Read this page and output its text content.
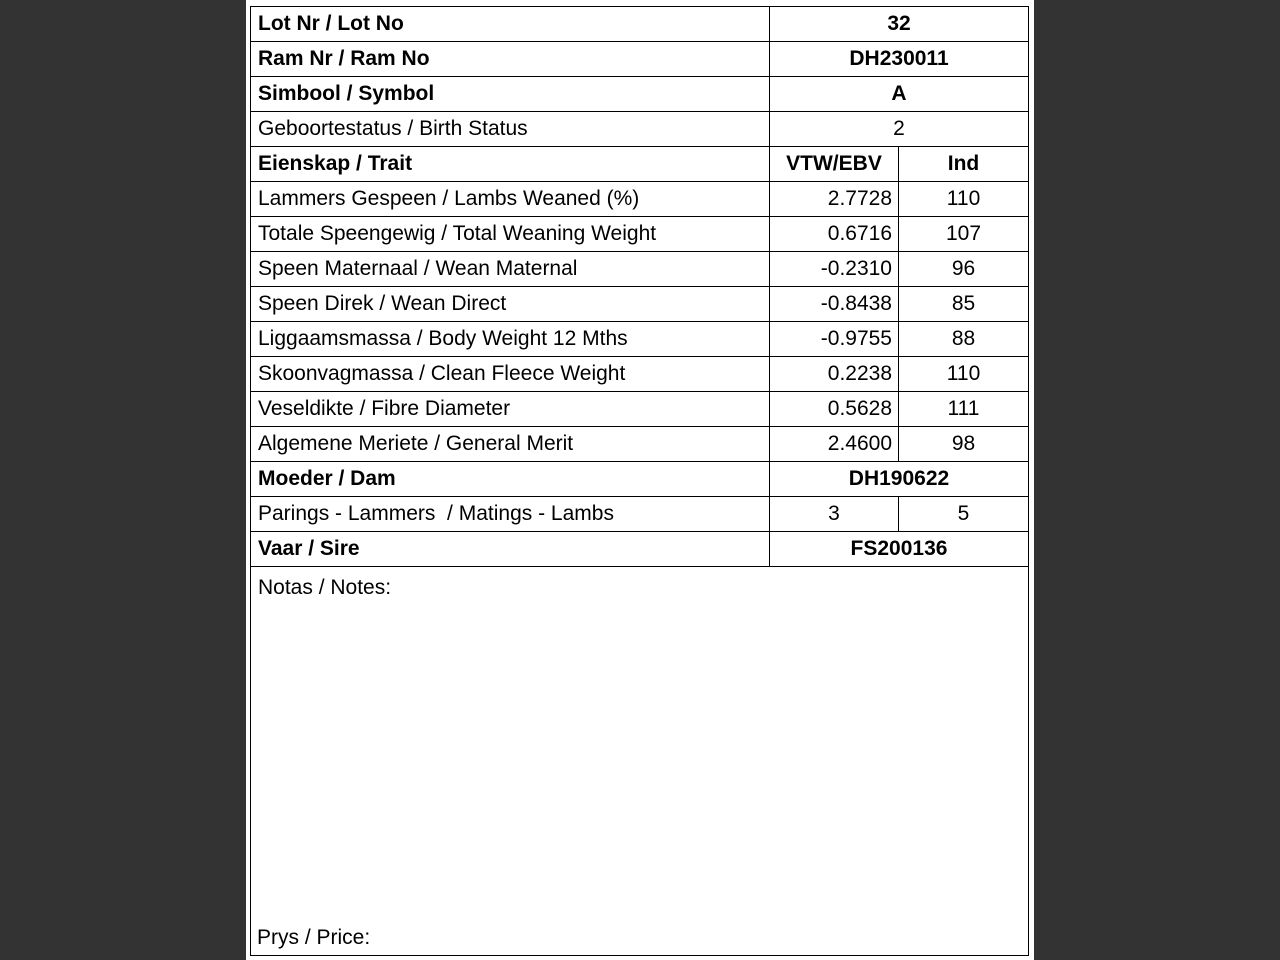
Lot Nr / Lot No	32	
Ram Nr / Ram No	DH230011	
Simbool / Symbol	A	
Geboortestatus / Birth Status	2	
Eienskap / Trait	VTW/EBV	Ind
Lammers Gespeen / Lambs Weaned (%)	2.7728	110
Totale Speengewig / Total Weaning Weight	0.6716	107
Speen Maternaal / Wean Maternal	-0.2310	96
Speen Direk / Wean Direct	-0.8438	85
Liggaamsmassa / Body Weight 12 Mths	-0.9755	88
Skoonvagmassa / Clean Fleece Weight	0.2238	110
Veseldikte / Fibre Diameter	0.5628	111
Algemene Meriete / General Merit	2.4600	98
Moeder / Dam	DH190622	
Parings - Lammers  / Matings - Lambs	3	5
Vaar / Sire	FS200136	

Notas / Notes:
Prys / Price:		
